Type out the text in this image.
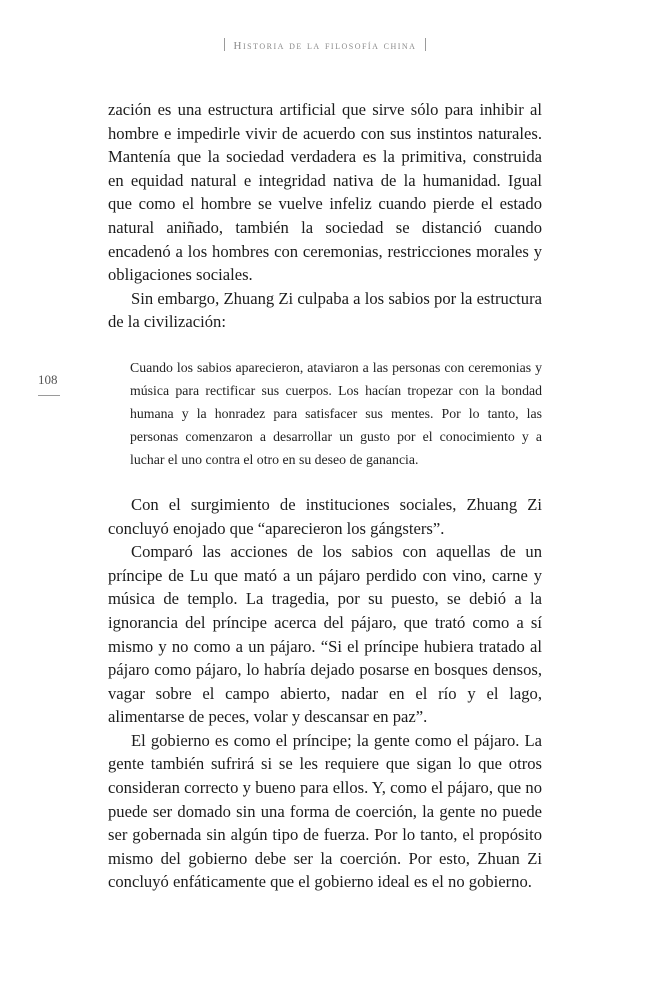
Historia de la filosofía china
108

zación es una estructura artificial que sirve sólo para inhibir al hombre e impedirle vivir de acuerdo con sus instintos naturales. Mantenía que la sociedad verdadera es la primitiva, construida en equidad natural e integridad nativa de la humanidad. Igual que como el hombre se vuelve infeliz cuando pierde el estado natural aniñado, también la sociedad se distanció cuando encadenó a los hombres con ceremonias, restricciones morales y obligaciones sociales.

Sin embargo, Zhuang Zi culpaba a los sabios por la estructura de la civilización:

Cuando los sabios aparecieron, ataviaron a las personas con ceremonias y música para rectificar sus cuerpos. Los hacían tropezar con la bondad humana y la honradez para satisfacer sus mentes. Por lo tanto, las personas comenzaron a desarrollar un gusto por el conocimiento y a luchar el uno contra el otro en su deseo de ganancia.

Con el surgimiento de instituciones sociales, Zhuang Zi concluyó enojado que “aparecieron los gángsters”.

Comparó las acciones de los sabios con aquellas de un príncipe de Lu que mató a un pájaro perdido con vino, carne y música de templo. La tragedia, por su puesto, se debió a la ignorancia del príncipe acerca del pájaro, que trató como a sí mismo y no como a un pájaro. “Si el príncipe hubiera tratado al pájaro como pájaro, lo habría dejado posarse en bosques densos, vagar sobre el campo abierto, nadar en el río y el lago, alimentarse de peces, volar y descansar en paz”.

El gobierno es como el príncipe; la gente como el pájaro. La gente también sufrirá si se les requiere que sigan lo que otros consideran correcto y bueno para ellos. Y, como el pájaro, que no puede ser domado sin una forma de coerción, la gente no puede ser gobernada sin algún tipo de fuerza. Por lo tanto, el propósito mismo del gobierno debe ser la coerción. Por esto, Zhuan Zi concluyó enfáticamente que el gobierno ideal es el no gobierno.
